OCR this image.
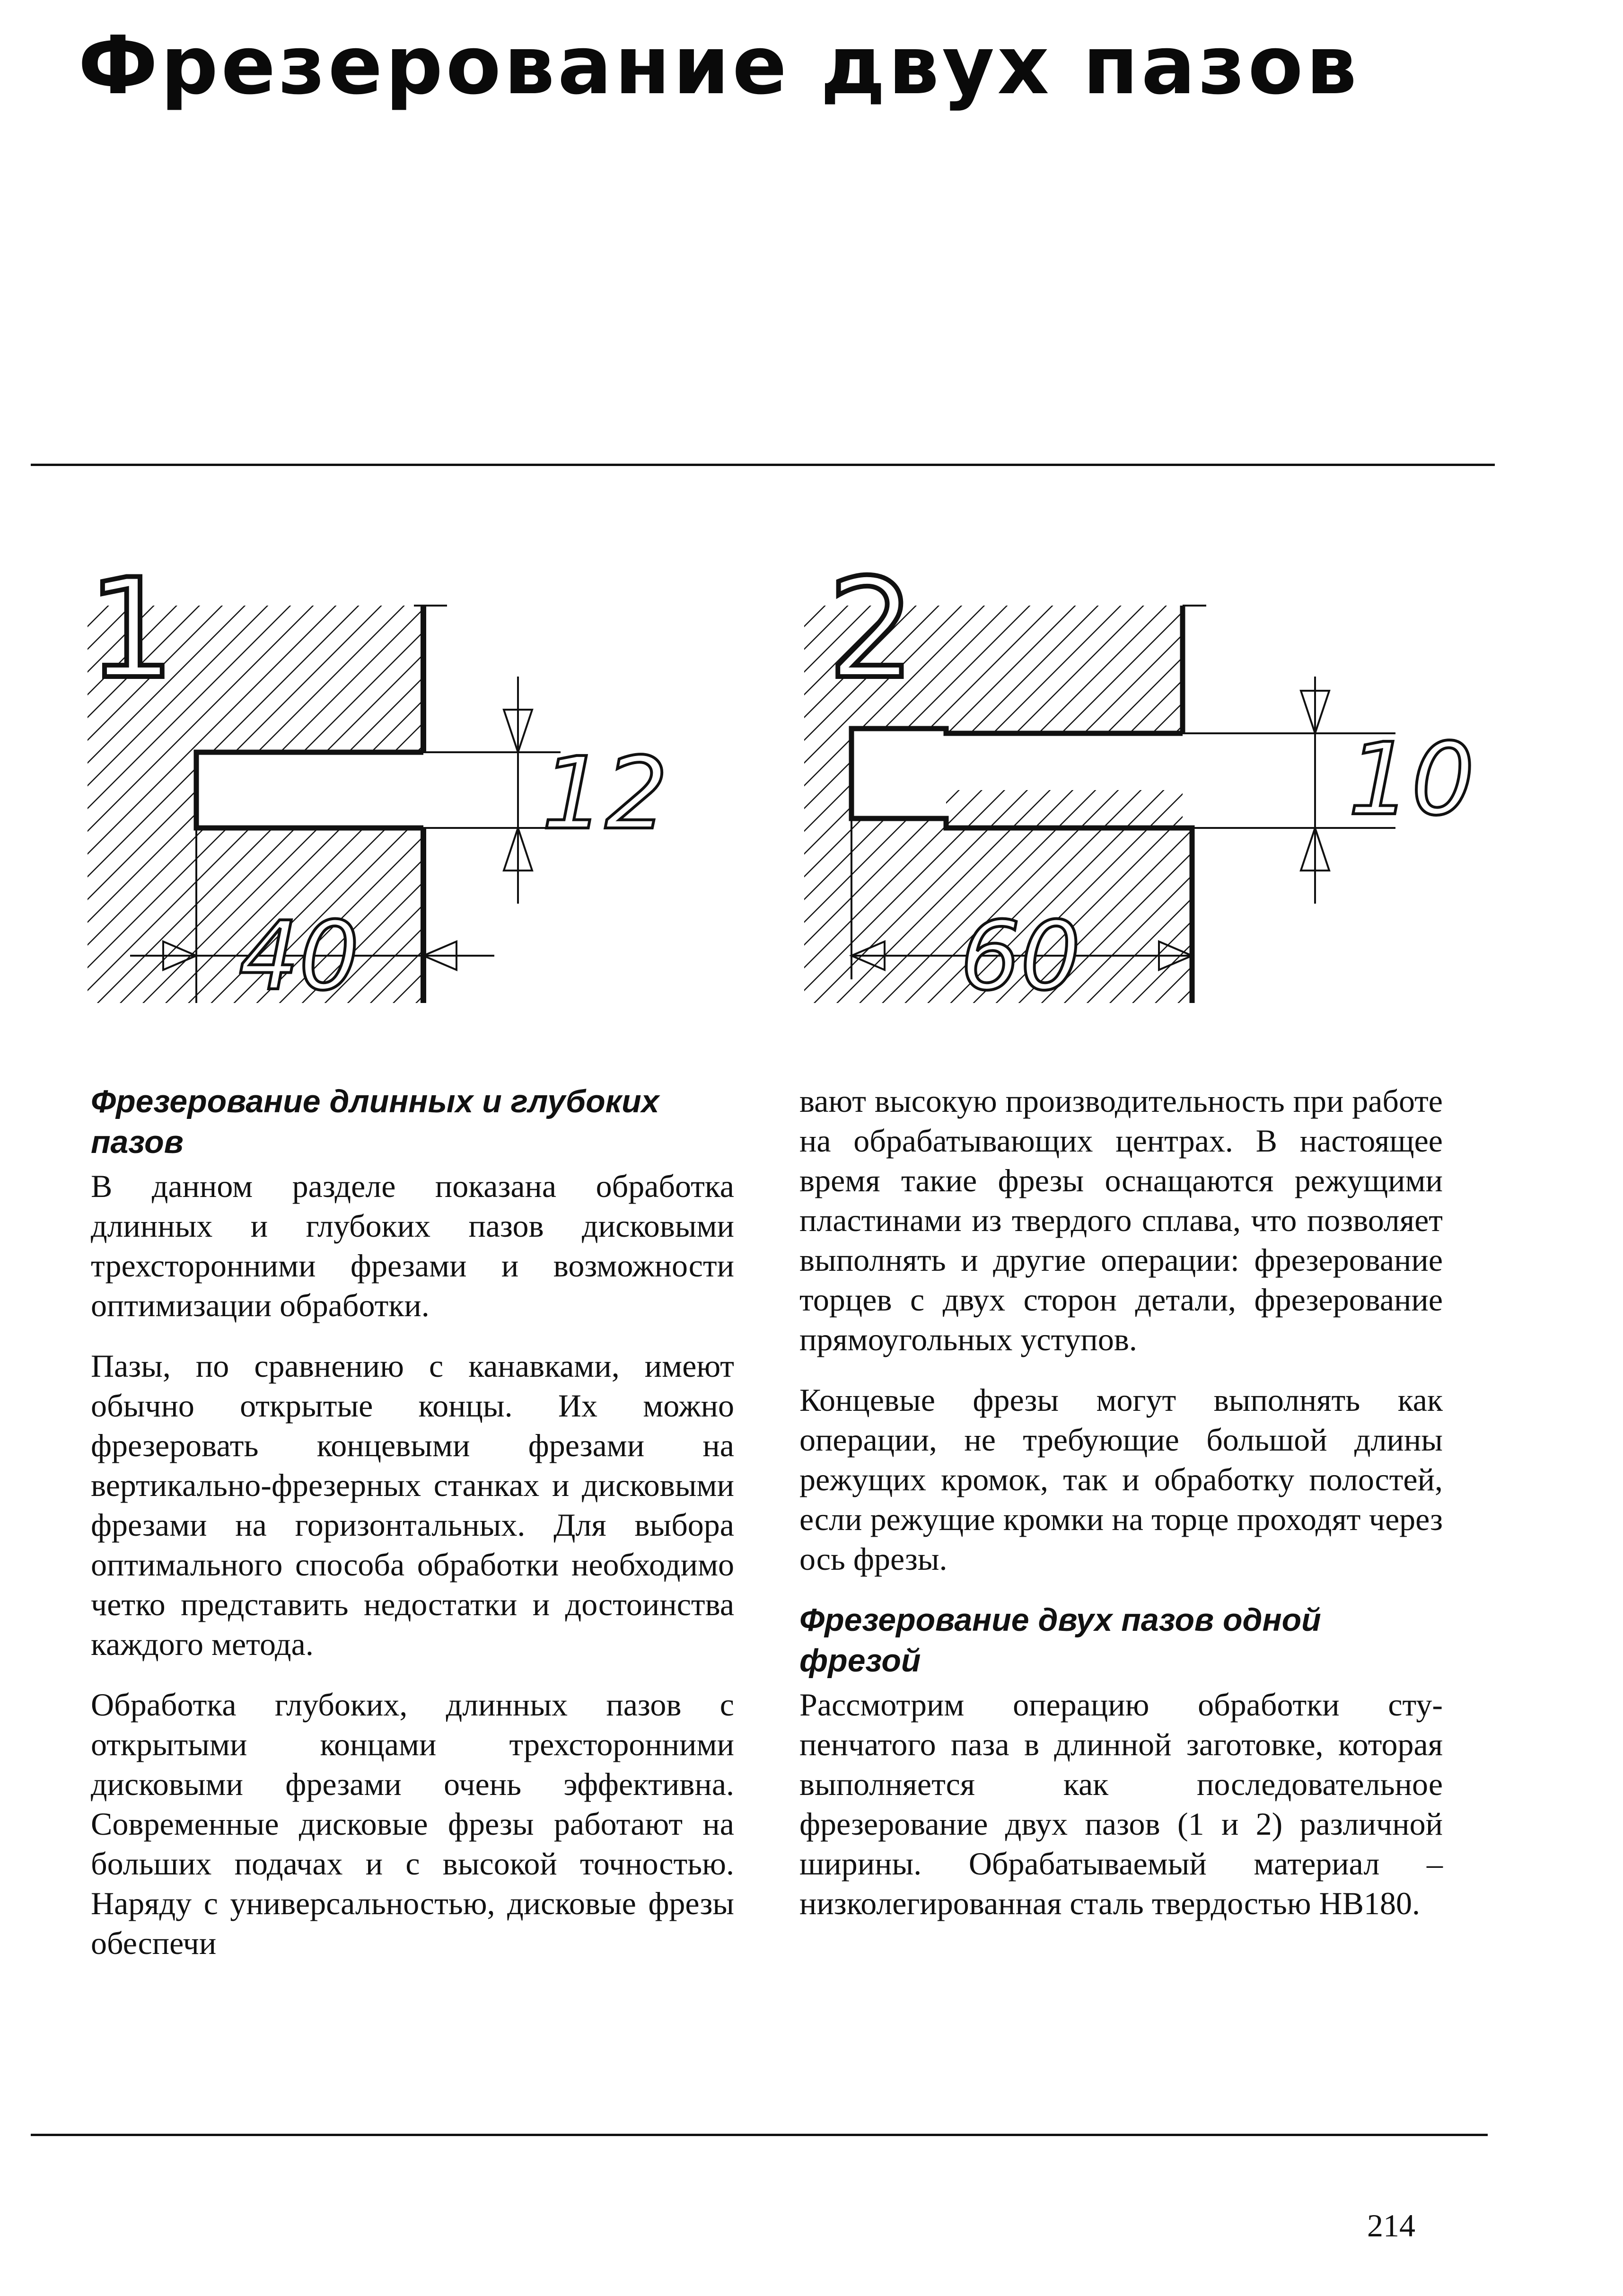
Фрезерование двух пазов
12
40
1
10
60
2
Фрезерование длинных и глубоких пазов

В данном разделе показана обработка длинных и глубоких пазов дисковыми трехсторонними фрезами и возможности оптимизации обработки.

Пазы, по сравнению с канавками, имеют обычно открытые концы. Их можно фрезеровать концевыми фрезами на вертикально-фрезерных станках и дисковыми фрезами на горизонтальных. Для выбора оптимального способа обработки необходимо четко представить недостатки и достоинства каждого метода.

Обработка глубоких, длинных пазов с открытыми концами трехсторонними дисковыми фрезами очень эффективна. Современные дисковые фрезы работают на больших подачах и с высокой точностью. Наряду с универсальностью, дисковые фрезы обеспечи

вают высокую производительность при работе на обрабатывающих центрах. В настоящее время такие фрезы оснащаются режущими пластинами из твердого сплава, что позволяет выполнять и другие операции: фрезерование торцев с двух сторон детали, фрезерование прямоугольных уступов.

Концевые фрезы могут выполнять как операции, не требующие большой длины режущих кромок, так и обработку полостей, если режущие кромки на торце проходят через ось фрезы.

Фрезерование двух пазов одной фрезой

Рассмотрим операцию обработки ступенчатого паза в длинной заготовке, которая выполняется как последовательное фрезерование двух пазов (1 и 2) различной ширины. Обрабатываемый материал – низколегированная сталь твердостью HB180.

214
